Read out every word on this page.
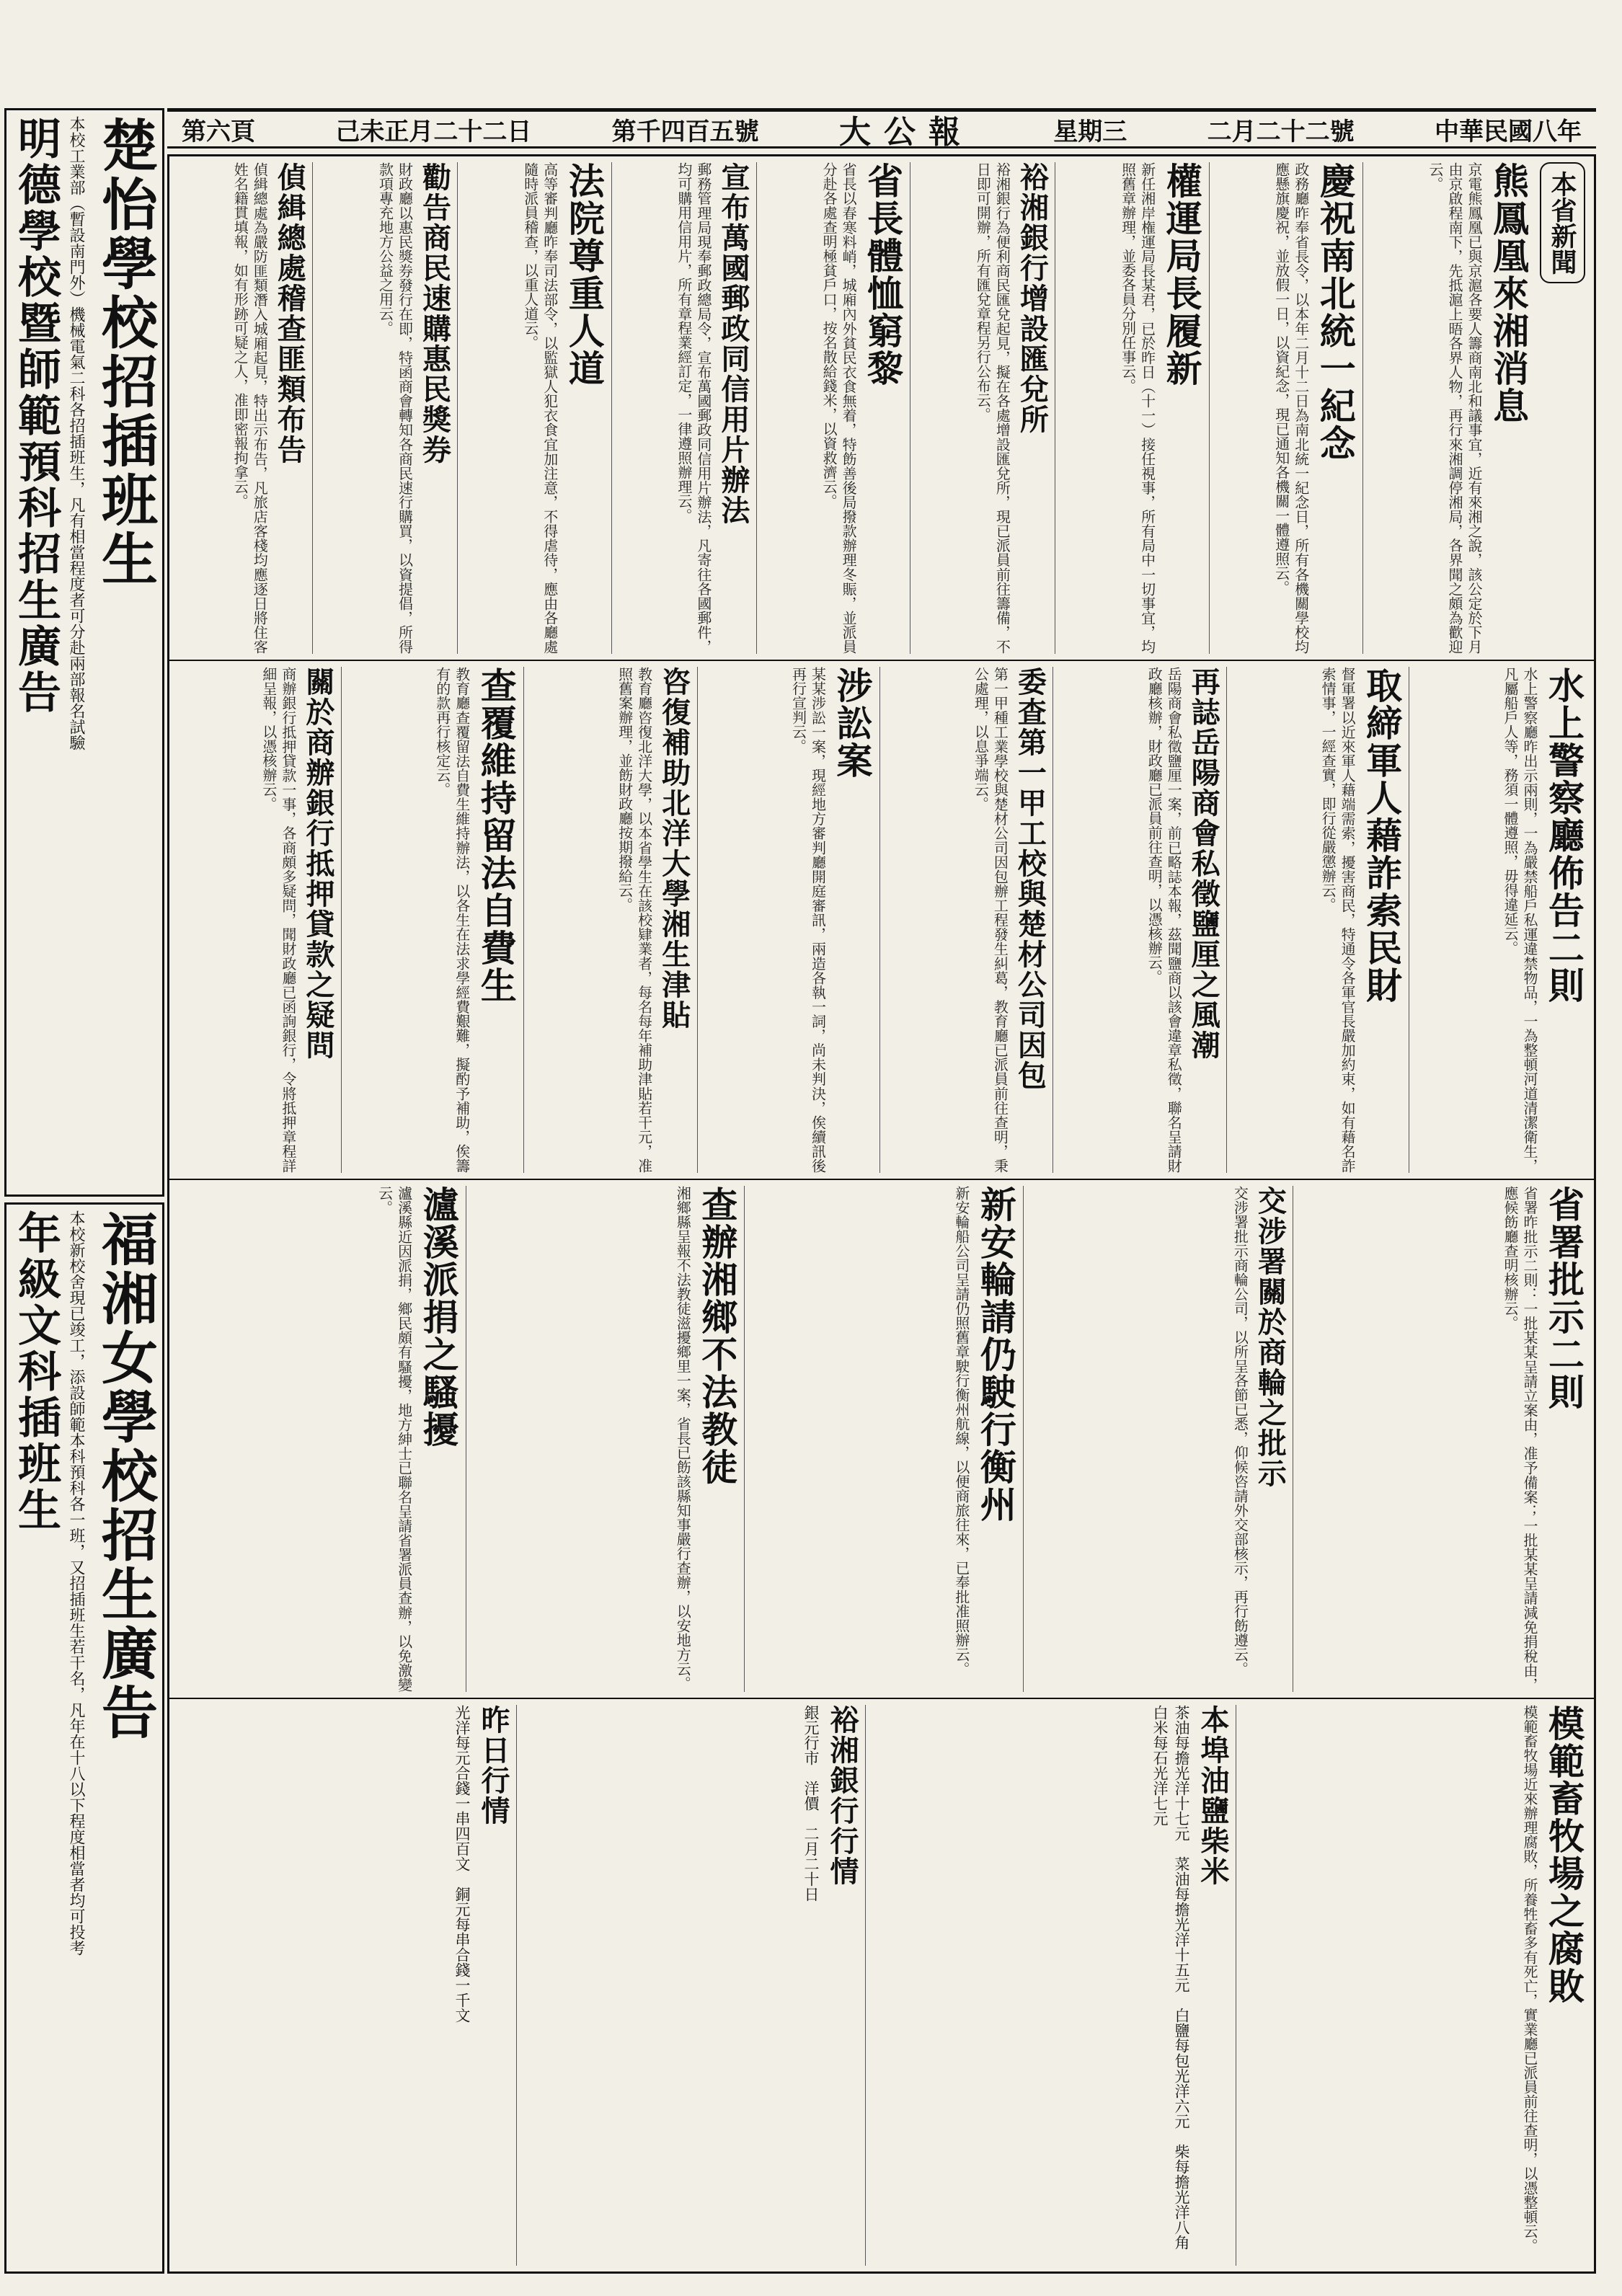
楚怡學校招插班生
本校工業部（暫設南門外）機械電氣二科各招插班生，凡有相當程度者可分赴兩部報名試驗
明德學校暨師範預科招生廣告
福湘女學校招生廣告
本校新校舍現已竣工，添設師範本科預科各一班，又招插班生若干名，凡年在十八以下程度相當者均可投考
年級文科插班生
中華民國八年
二月二十二號
星期三
大公報
第千四百五號
己未正月二十二日
第六頁
本省新聞
熊鳳凰來湘消息
京電熊鳳凰已與京滬各要人籌商南北和議事宜，近有來湘之說，該公定於下月由京啟程南下，先抵滬上晤各界人物，再行來湘調停湘局，各界聞之頗為歡迎云。
慶祝南北統一紀念
政務廳昨奉省長令，以本年二月十二日為南北統一紀念日，所有各機關學校均應懸旗慶祝，並放假一日，以資紀念，現已通知各機關一體遵照云。
權運局長履新
新任湘岸権運局長某君，已於昨日（十一）接任視事，所有局中一切事宜，均照舊章辦理，並委各員分別任事云。
裕湘銀行增設匯兌所
裕湘銀行為便利商民匯兌起見，擬在各處增設匯兌所，現已派員前往籌備，不日即可開辦，所有匯兌章程另行公布云。
省長體恤窮黎
省長以春寒料峭，城廂內外貧民衣食無着，特飭善後局撥款辦理冬賑，並派員分赴各處查明極貧戶口，按名散給錢米，以資救濟云。
宣布萬國郵政同信用片辦法
郵務管理局現奉郵政總局令，宣布萬國郵政同信用片辦法，凡寄往各國郵件，均可購用信用片，所有章程業經訂定，一律遵照辦理云。
法院尊重人道
高等審判廳昨奉司法部令，以監獄人犯衣食宜加注意，不得虐待，應由各廳處隨時派員稽查，以重人道云。
勸告商民速購惠民獎券
財政廳以惠民獎券發行在即，特函商會轉知各商民速行購買，以資提倡，所得款項專充地方公益之用云。
偵緝總處稽查匪類布告
偵緝總處為嚴防匪類潛入城廂起見，特出示布告，凡旅店客棧均應逐日將住客姓名籍貫填報，如有形跡可疑之人，准即密報拘拿云。
水上警察廳佈告二則
水上警察廳昨出示兩則，一為嚴禁船戶私運違禁物品，一為整頓河道清潔衛生，凡屬船戶人等，務須一體遵照，毋得違延云。
取締軍人藉詐索民財
督軍署以近來軍人藉端需索，擾害商民，特通令各軍官長嚴加約束，如有藉名詐索情事，一經查實，即行從嚴懲辦云。
再誌岳陽商會私徵鹽厘之風潮
岳陽商會私徵鹽厘一案，前已略誌本報，茲聞鹽商以該會違章私徵，聯名呈請財政廳核辦，財政廳已派員前往查明，以憑核辦云。
委查第一甲工校與楚材公司因包
第一甲種工業學校與楚材公司因包辦工程發生糾葛，教育廳已派員前往查明，秉公處理，以息爭端云。
涉訟案
某某涉訟一案，現經地方審判廳開庭審訊，兩造各執一詞，尚未判決，俟續訊後再行宣判云。
咨復補助北洋大學湘生津貼
教育廳咨復北洋大學，以本省學生在該校肄業者，每名每年補助津貼若干元，准照舊案辦理，並飭財政廳按期撥給云。
查覆維持留法自費生
教育廳查覆留法自費生維持辦法，以各生在法求學經費艱難，擬酌予補助，俟籌有的款再行核定云。
關於商辦銀行抵押貸款之疑問
商辦銀行抵押貸款一事，各商頗多疑問，聞財政廳已函詢銀行，令將抵押章程詳細呈報，以憑核辦云。
省署批示二則
省署昨批示二則：一批某某呈請立案由，准予備案；一批某某呈請減免捐稅由，應候飭廳查明核辦云。
交涉署關於商輪之批示
交涉署批示商輪公司，以所呈各節已悉，仰候咨請外交部核示，再行飭遵云。
新安輪請仍駛行衡州
新安輪船公司呈請仍照舊章駛行衡州航線，以便商旅往來，已奉批准照辦云。
查辦湘鄉不法教徒
湘鄉縣呈報不法教徒滋擾鄉里一案，省長已飭該縣知事嚴行查辦，以安地方云。
瀘溪派捐之騷擾
瀘溪縣近因派捐，鄉民頗有騷擾，地方紳士已聯名呈請省署派員查辦，以免激變云。
模範畜牧場之腐敗
模範畜牧場近來辦理腐敗，所養牲畜多有死亡，實業廳已派員前往查明，以憑整頓云。
本埠油鹽柴米
茶油每擔光洋十七元　菜油每擔光洋十五元　白鹽每包光洋六元　柴每擔光洋八角　白米每石光洋七元
裕湘銀行行情
銀元行市　洋價　二月二十日
昨日行情
光洋每元合錢一串四百文　銅元每串合錢一千文
